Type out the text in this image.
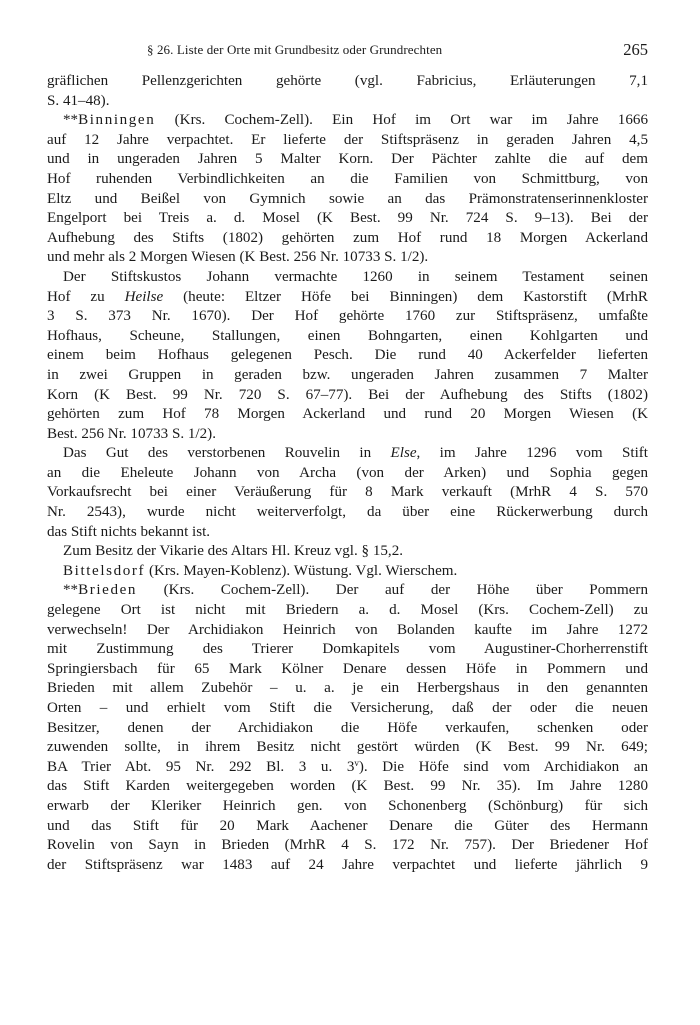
§ 26. Liste der Orte mit Grundbesitz oder Grundrechten	265
gräflichen Pellenzgerichten gehörte (vgl. Fabricius, Erläuterungen 7,1
S. 41–48).
**Binningen (Krs. Cochem-Zell). Ein Hof im Ort war im Jahre 1666
auf 12 Jahre verpachtet. Er lieferte der Stiftspräsenz in geraden Jahren 4,5
und in ungeraden Jahren 5 Malter Korn. Der Pächter zahlte die auf dem
Hof ruhenden Verbindlichkeiten an die Familien von Schmittburg, von
Eltz und Beißel von Gymnich sowie an das Prämonstratenserinnenkloster
Engelport bei Treis a. d. Mosel (K Best. 99 Nr. 724 S. 9–13). Bei der
Aufhebung des Stifts (1802) gehörten zum Hof rund 18 Morgen Ackerland
und mehr als 2 Morgen Wiesen (K Best. 256 Nr. 10733 S. 1/2).
Der Stiftskustos Johann vermachte 1260 in seinem Testament seinen
Hof zu Heilse (heute: Eltzer Höfe bei Binningen) dem Kastorstift (MrhR
3 S. 373 Nr. 1670). Der Hof gehörte 1760 zur Stiftspräsenz, umfaßte
Hofhaus, Scheune, Stallungen, einen Bohngarten, einen Kohlgarten und
einem beim Hofhaus gelegenen Pesch. Die rund 40 Ackerfelder lieferten
in zwei Gruppen in geraden bzw. ungeraden Jahren zusammen 7 Malter
Korn (K Best. 99 Nr. 720 S. 67–77). Bei der Aufhebung des Stifts (1802)
gehörten zum Hof 78 Morgen Ackerland und rund 20 Morgen Wiesen (K
Best. 256 Nr. 10733 S. 1/2).
Das Gut des verstorbenen Rouvelin in Else, im Jahre 1296 vom Stift
an die Eheleute Johann von Archa (von der Arken) und Sophia gegen
Vorkaufsrecht bei einer Veräußerung für 8 Mark verkauft (MrhR 4 S. 570
Nr. 2543), wurde nicht weiterverfolgt, da über eine Rückerwerbung durch
das Stift nichts bekannt ist.
Zum Besitz der Vikarie des Altars Hl. Kreuz vgl. § 15,2.
Bittelsdorf (Krs. Mayen-Koblenz). Wüstung. Vgl. Wierschem.
**Brieden (Krs. Cochem-Zell). Der auf der Höhe über Pommern
gelegene Ort ist nicht mit Briedern a. d. Mosel (Krs. Cochem-Zell) zu
verwechseln! Der Archidiakon Heinrich von Bolanden kaufte im Jahre 1272
mit Zustimmung des Trierer Domkapitels vom Augustiner-Chorherrenstift
Springiersbach für 65 Mark Kölner Denare dessen Höfe in Pommern und
Brieden mit allem Zubehör – u. a. je ein Herbergshaus in den genannten
Orten – und erhielt vom Stift die Versicherung, daß der oder die neuen
Besitzer, denen der Archidiakon die Höfe verkaufen, schenken oder
zuwenden sollte, in ihrem Besitz nicht gestört würden (K Best. 99 Nr. 649;
BA Trier Abt. 95 Nr. 292 Bl. 3 u. 3$^v$). Die Höfe sind vom Archidiakon an
das Stift Karden weitergegeben worden (K Best. 99 Nr. 35). Im Jahre 1280
erwarb der Kleriker Heinrich gen. von Schonenberg (Schönburg) für sich
und das Stift für 20 Mark Aachener Denare die Güter des Hermann
Rovelin von Sayn in Brieden (MrhR 4 S. 172 Nr. 757). Der Briedener Hof
der Stiftspräsenz war 1483 auf 24 Jahre verpachtet und lieferte jährlich 9
